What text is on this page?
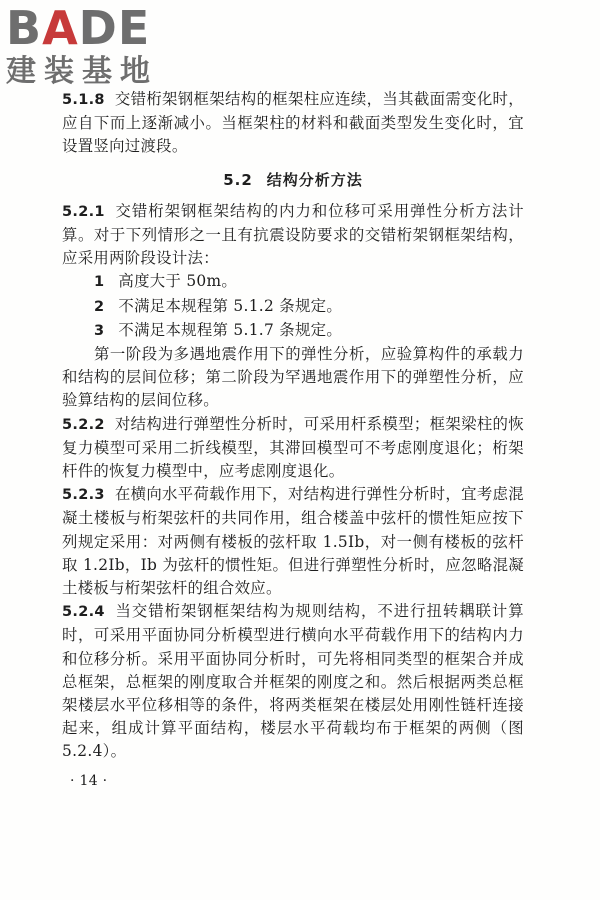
BADE
建装基地

5.1.8 交错桁架钢框架结构的框架柱应连续，当其截面需变化时，应自下而上逐渐减小。当框架柱的材料和截面类型发生变化时，宜设置竖向过渡段。

5.2 结构分析方法

5.2.1 交错桁架钢框架结构的内力和位移可采用弹性分析方法计算。对于下列情形之一且有抗震设防要求的交错桁架钢框架结构，应采用两阶段设计法：

1 高度大于 50m。

2 不满足本规程第 5.1.2 条规定。

3 不满足本规程第 5.1.7 条规定。

第一阶段为多遇地震作用下的弹性分析，应验算构件的承载力和结构的层间位移；第二阶段为罕遇地震作用下的弹塑性分析，应验算结构的层间位移。

5.2.2 对结构进行弹塑性分析时，可采用杆系模型；框架梁柱的恢复力模型可采用二折线模型，其滞回模型可不考虑刚度退化；桁架杆件的恢复力模型中，应考虑刚度退化。

5.2.3 在横向水平荷载作用下，对结构进行弹性分析时，宜考虑混凝土楼板与桁架弦杆的共同作用，组合楼盖中弦杆的惯性矩应按下列规定采用：对两侧有楼板的弦杆取 1.5Ib，对一侧有楼板的弦杆取 1.2Ib，Ib 为弦杆的惯性矩。但进行弹塑性分析时，应忽略混凝土楼板与桁架弦杆的组合效应。

5.2.4 当交错桁架钢框架结构为规则结构，不进行扭转耦联计算时，可采用平面协同分析模型进行横向水平荷载作用下的结构内力和位移分析。采用平面协同分析时，可先将相同类型的框架合并成总框架，总框架的刚度取合并框架的刚度之和。然后根据两类总框架楼层水平位移相等的条件，将两类框架在楼层处用刚性链杆连接起来，组成计算平面结构，楼层水平荷载均布于框架的两侧（图 5.2.4）。

· 14 ·
